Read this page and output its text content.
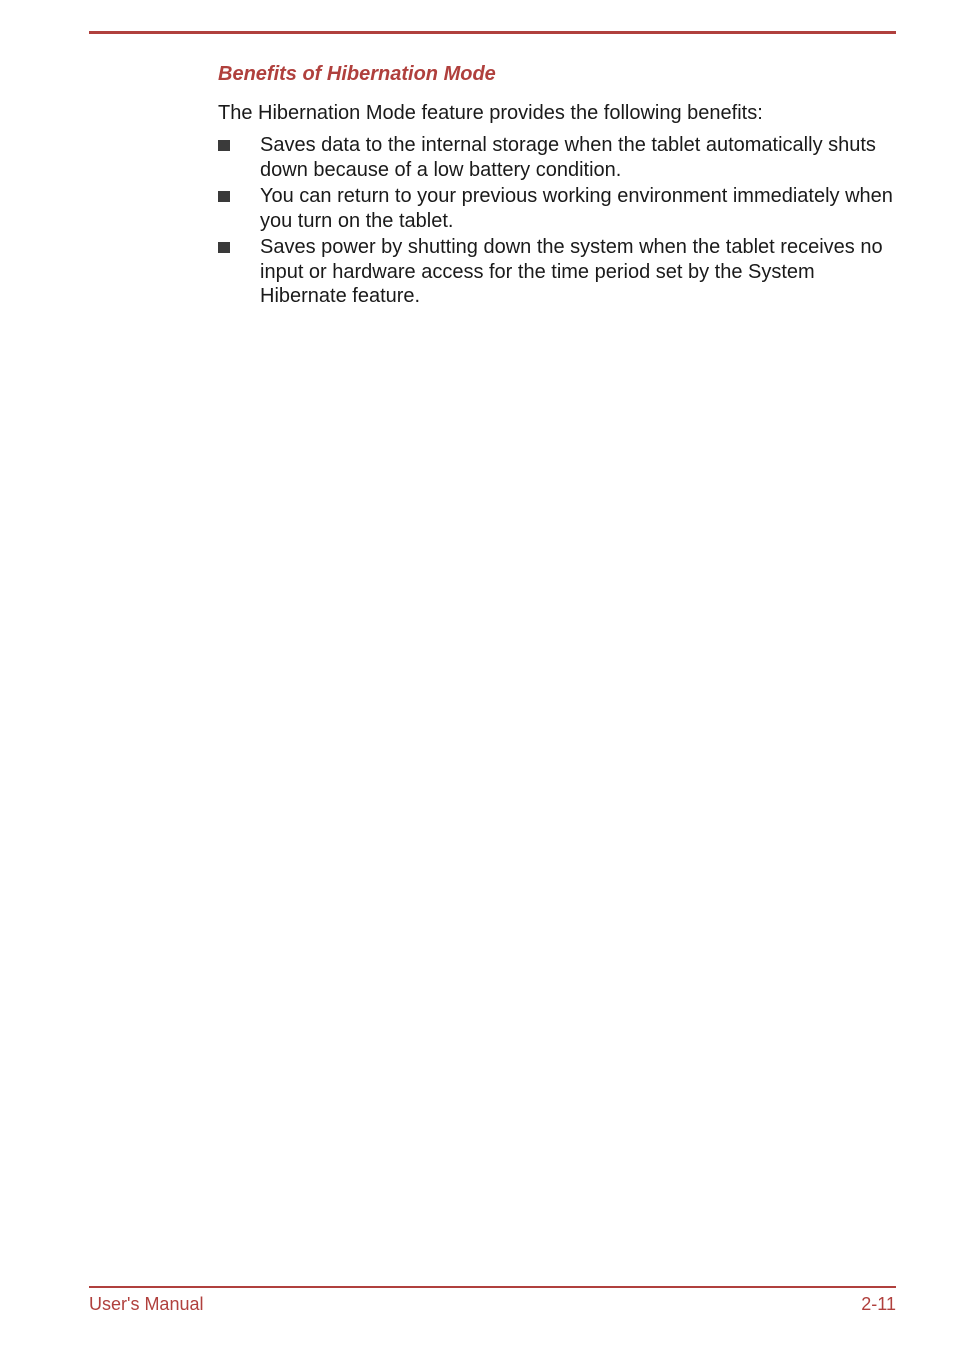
Benefits of Hibernation Mode

The Hibernation Mode feature provides the following benefits:

Saves data to the internal storage when the tablet automatically shuts down because of a low battery condition.
You can return to your previous working environment immediately when you turn on the tablet.
Saves power by shutting down the system when the tablet receives no input or hardware access for the time period set by the System Hibernate feature.
User's Manual	2-11
